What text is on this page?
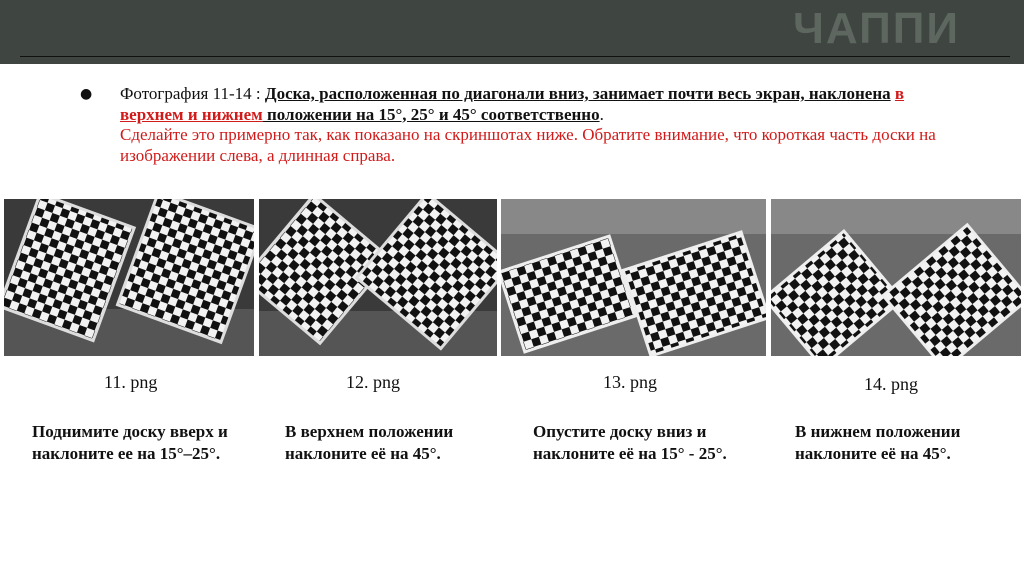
ЧАППИ
● Фотография 11-14 : Доска, расположенная по диагонали вниз, занимает почти весь экран, наклонена в верхнем и нижнем положении на 15°, 25° и 45° соответственно.
Сделайте это примерно так, как показано на скриншотах ниже. Обратите внимание, что короткая часть доски на изображении слева, а длинная справа.
11. png	12. png	13. png	14. png
Поднимите доску вверх и наклоните ее на 15°–25°.
В верхнем положении наклоните её на 45°.
Опустите доску вниз и наклоните её на 15° - 25°.
В нижнем положении наклоните её на 45°.
